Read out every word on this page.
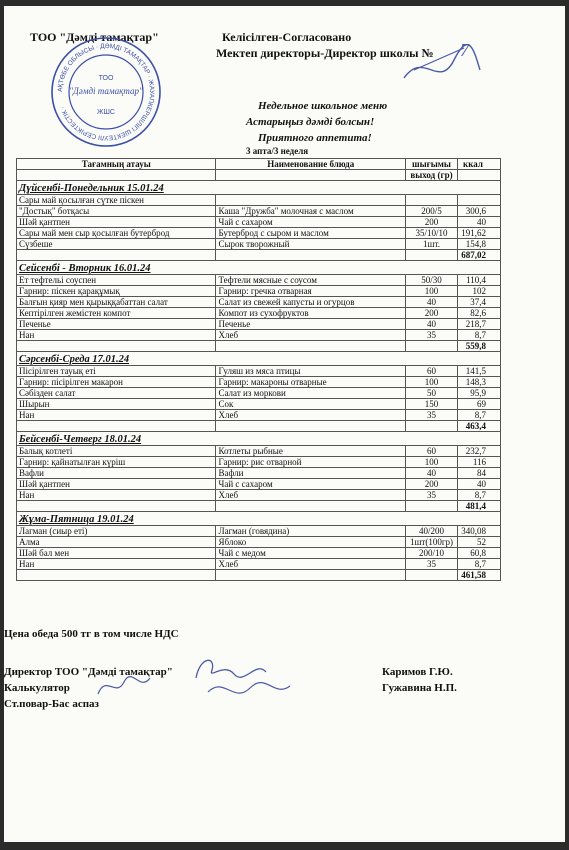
ТОО "Дәмді тамақтар"	Келісілген-Согласовано
Мектеп директоры-Директор школы № 7
АҚТӨБЕ ОБЛЫСЫ · ДӘМДІ ТАМАҚТАР · ЖАУАПКЕРШІЛІГІ ШЕКТЕУЛІ СЕРІКТЕСТІК ·
ТОО
"Дәмді тамақтар"
ЖШС
Недельное школьное меню
Астарыңыз дәмді болсын!
Приятного аппетита!
3 апта/3 неделя
Тағамның атауы	Наименование блюда	шығымы	ккал
		выход (гр)	
Дүйсенбі-Понедельник 15.01.24			
Сары май қосылған сүтке піскен			
"Достық" ботқасы	Каша "Дружба" молочная с маслом	200/5	300,6
Шәй қантпен	Чай с сахаром	200	40
Сары май мен сыр қосылған бутерброд	Бутерброд с сыром и маслом	35/10/10	191,62
Сүзбеше	Сырок творожный	1шт.	154,8
			687,02
Сейсенбі - Вторник 16.01.24			
Ет тефтельі соуспен	Тефтели мясные с соусом	50/30	110,4
Гарнир: піскен қарақұмық	Гарнир: гречка отварная	100	102
Балғын қияр мен қырыққабаттан салат	Салат из свежей капусты и огурцов	40	37,4
Кептірілген жемістен компот	Компот из сухофруктов	200	82,6
Печенье	Печенье	40	218,7
Нан	Хлеб	35	8,7
			559,8
Сәрсенбі-Среда 17.01.24			
Пісірілген тауық еті	Гуляш из мяса птицы	60	141,5
Гарнир: пісірілген макарон	Гарнир: макароны отварные	100	148,3
Сәбізден салат	Салат из моркови	50	95,9
Шырын	Сок	150	69
Нан	Хлеб	35	8,7
			463,4
Бейсенбі-Четверг 18.01.24			
Балық котлеті	Котлеты рыбные	60	232,7
Гарнир: қайнатылған күріш	Гарнир: рис отварной	100	116
Вафли	Вафли	40	84
Шәй қантпен	Чай с сахаром	200	40
Нан	Хлеб	35	8,7
			481,4
Жұма-Пятница 19.01.24			
Лагман (сиыр еті)	Лагман (говядина)	40/200	340,08
Алма	Яблоко	1шт(100гр)	52
Шәй бал мен	Чай с медом	200/10	60,8
Нан	Хлеб	35	8,7
			461,58
Цена обеда 500 тг в том числе НДС
Директор ТОО "Дәмді тамақтар"	Каримов Г.Ю.
Калькулятор	Гужавина Н.П.
Ст.повар-Бас аспаз
